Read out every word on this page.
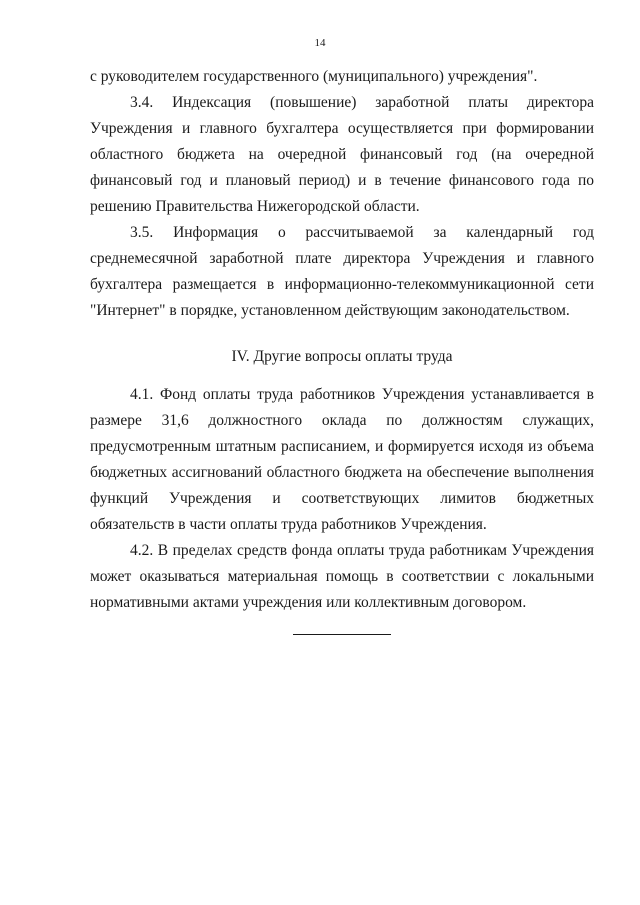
14

с руководителем государственного (муниципального) учреждения".

3.4. Индексация (повышение) заработной платы директора Учреждения и главного бухгалтера осуществляется при формировании областного бюджета на очередной финансовый год (на очередной финансовый год и плановый период) и в течение финансового года по решению Правительства Нижегородской области.

3.5. Информация о рассчитываемой за календарный год среднемесячной заработной плате директора Учреждения и главного бухгалтера размещается в информационно-телекоммуникационной сети "Интернет" в порядке, установленном действующим законодательством.

IV. Другие вопросы оплаты труда

4.1. Фонд оплаты труда работников Учреждения устанавливается в размере 31,6 должностного оклада по должностям служащих, предусмотренным штатным расписанием, и формируется исходя из объема бюджетных ассигнований областного бюджета на обеспечение выполнения функций Учреждения и соответствующих лимитов бюджетных обязательств в части оплаты труда работников Учреждения.

4.2. В пределах средств фонда оплаты труда работникам Учреждения может оказываться материальная помощь в соответствии с локальными нормативными актами учреждения или коллективным договором.
